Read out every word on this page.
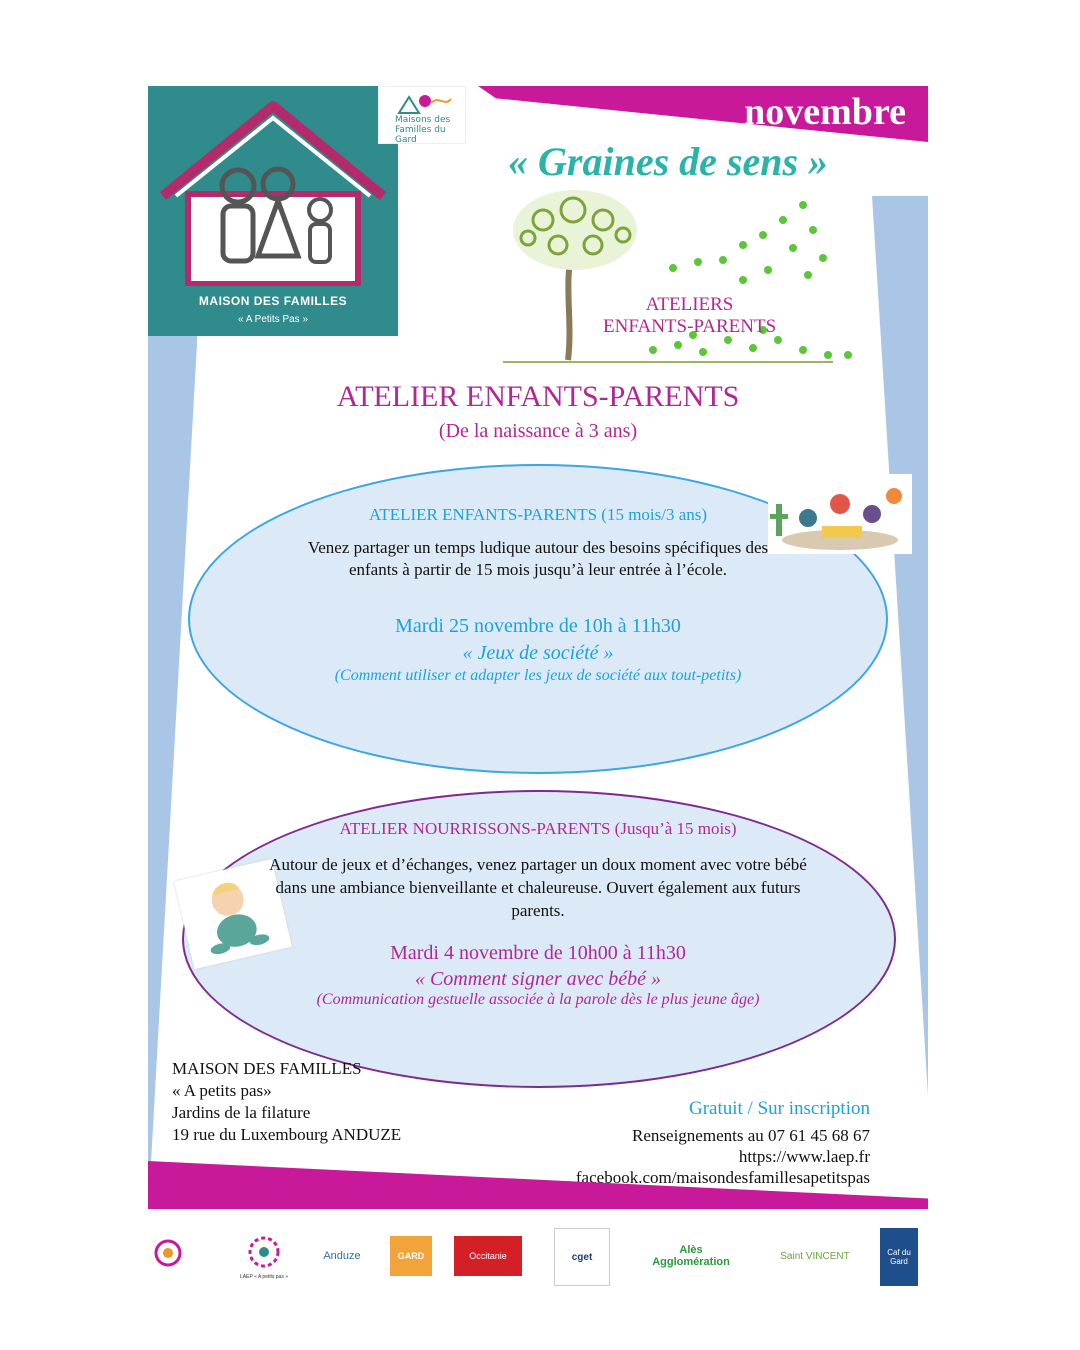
novembre
MAISON DES FAMILLES
« A Petits Pas »
Maisons des Familles du Gard	« Graines de sens »
ATELIERS
ENFANTS-PARENTS
ATELIER ENFANTS-PARENTS
(De la naissance à 3 ans)
ATELIER ENFANTS-PARENTS (15 mois/3 ans)
Venez partager un temps ludique autour des besoins spécifiques des enfants à partir de 15 mois jusqu’à leur entrée à l’école.
Mardi 25 novembre de 10h à 11h30
« Jeux de société »
(Comment utiliser et adapter les jeux de société aux tout-petits)
ATELIER NOURRISSONS-PARENTS (Jusqu’à 15 mois)
Autour de jeux et d’échanges, venez partager un doux moment avec votre bébé dans une ambiance bienveillante et chaleureuse. Ouvert également aux futurs parents.
Mardi 4 novembre de 10h00 à 11h30
« Comment signer avec bébé »
(Communication gestuelle associée à la parole dès le plus jeune âge)
MAISON DES FAMILLES
« A petits pas»
Jardins de la filature
19 rue du Luxembourg ANDUZE
Gratuit / Sur inscription
Renseignements au 07 61 45 68 67
https://www.laep.fr
facebook.com/maisondesfamillesapetitspas
LAEP « A petits pas »
Anduze	GARD	Occitanie	cget
Alès Agglomération	Saint VINCENT	Caf du Gard
